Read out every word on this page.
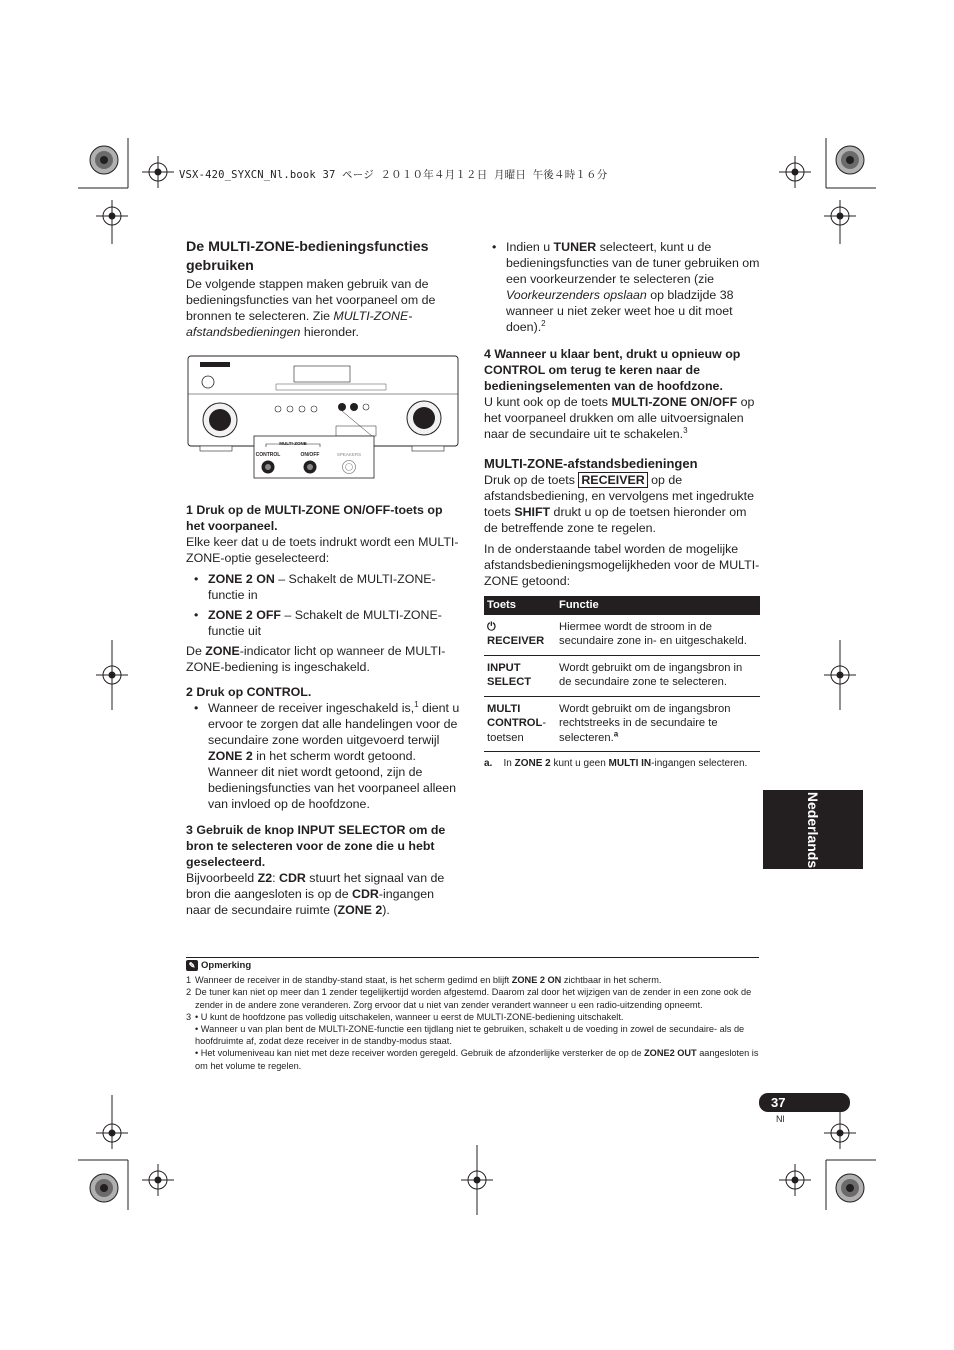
VSX-420_SYXCN_Nl.book 37 ページ ２０１０年４月１２日 月曜日 午後４時１６分
De MULTI-ZONE-bedieningsfuncties gebruiken

De volgende stappen maken gebruik van de bedieningsfuncties van het voorpaneel om de bronnen te selecteren. Zie MULTI-ZONE-afstandsbedieningen hieronder.

MULTI-ZONE
CONTROL	ON/OFF	SPEAKERS

1 Druk op de MULTI-ZONE ON/OFF-toets op het voorpaneel.

Elke keer dat u de toets indrukt wordt een MULTI-ZONE-optie geselecteerd:

• ZONE 2 ON – Schakelt de MULTI-ZONE-functie in

• ZONE 2 OFF – Schakelt de MULTI-ZONE-functie uit

De ZONE-indicator licht op wanneer de MULTI-ZONE-bediening is ingeschakeld.

2 Druk op CONTROL.

• Wanneer de receiver ingeschakeld is,$^1$ dient u ervoor te zorgen dat alle handelingen voor de secundaire zone worden uitgevoerd terwijl ZONE 2 in het scherm wordt getoond. Wanneer dit niet wordt getoond, zijn de bedieningsfuncties van het voorpaneel alleen van invloed op de hoofdzone.

3 Gebruik de knop INPUT SELECTOR om de bron te selecteren voor de zone die u hebt geselecteerd.

Bijvoorbeeld Z2: CDR stuurt het signaal van de bron die aangesloten is op de CDR-ingangen naar de secundaire ruimte (ZONE 2).

• Indien u TUNER selecteert, kunt u de bedieningsfuncties van de tuner gebruiken om een voorkeurzender te selecteren (zie Voorkeurzenders opslaan op bladzijde 38 wanneer u niet zeker weet hoe u dit moet doen).$^2$

4 Wanneer u klaar bent, drukt u opnieuw op CONTROL om terug te keren naar de bedieningselementen van de hoofdzone.

U kunt ook op de toets MULTI-ZONE ON/OFF op het voorpaneel drukken om alle uitvoersignalen naar de secundaire uit te schakelen.$^3$

MULTI-ZONE-afstandsbedieningen

Druk op de toets RECEIVER op de afstandsbediening, en vervolgens met ingedrukte toets SHIFT drukt u op de toetsen hieronder om de betreffende zone te regelen.

In de onderstaande tabel worden de mogelijke afstandsbedieningsmogelijkheden voor de MULTI-ZONE getoond:

Toets	Functie
⏻ RECEIVER	Hiermee wordt de stroom in de secundaire zone in- en uitgeschakeld.
INPUT SELECT	Wordt gebruikt om de ingangsbron in de secundaire zone te selecteren.
MULTI CONTROL-toetsen	Wordt gebruikt om de ingangsbron rechtstreeks in de secundaire te selecteren.$^a$

a. In ZONE 2 kunt u geen MULTI IN-ingangen selecteren.

Nederlands

✎ Opmerking

1 Wanneer de receiver in de standby-stand staat, is het scherm gedimd en blijft ZONE 2 ON zichtbaar in het scherm.

2 De tuner kan niet op meer dan 1 zender tegelijkertijd worden afgestemd. Daarom zal door het wijzigen van de zender in een zone ook de zender in de andere zone veranderen. Zorg ervoor dat u niet van zender verandert wanneer u een radio-uitzending opneemt.

3 • U kunt de hoofdzone pas volledig uitschakelen, wanneer u eerst de MULTI-ZONE-bediening uitschakelt.
• Wanneer u van plan bent de MULTI-ZONE-functie een tijdlang niet te gebruiken, schakelt u de voeding in zowel de secundaire- als de hoofdruimte af, zodat deze receiver in de standby-modus staat.
• Het volumeniveau kan niet met deze receiver worden geregeld. Gebruik de afzonderlijke versterker de op de ZONE2 OUT aangesloten is om het volume te regelen.

37
Nl
